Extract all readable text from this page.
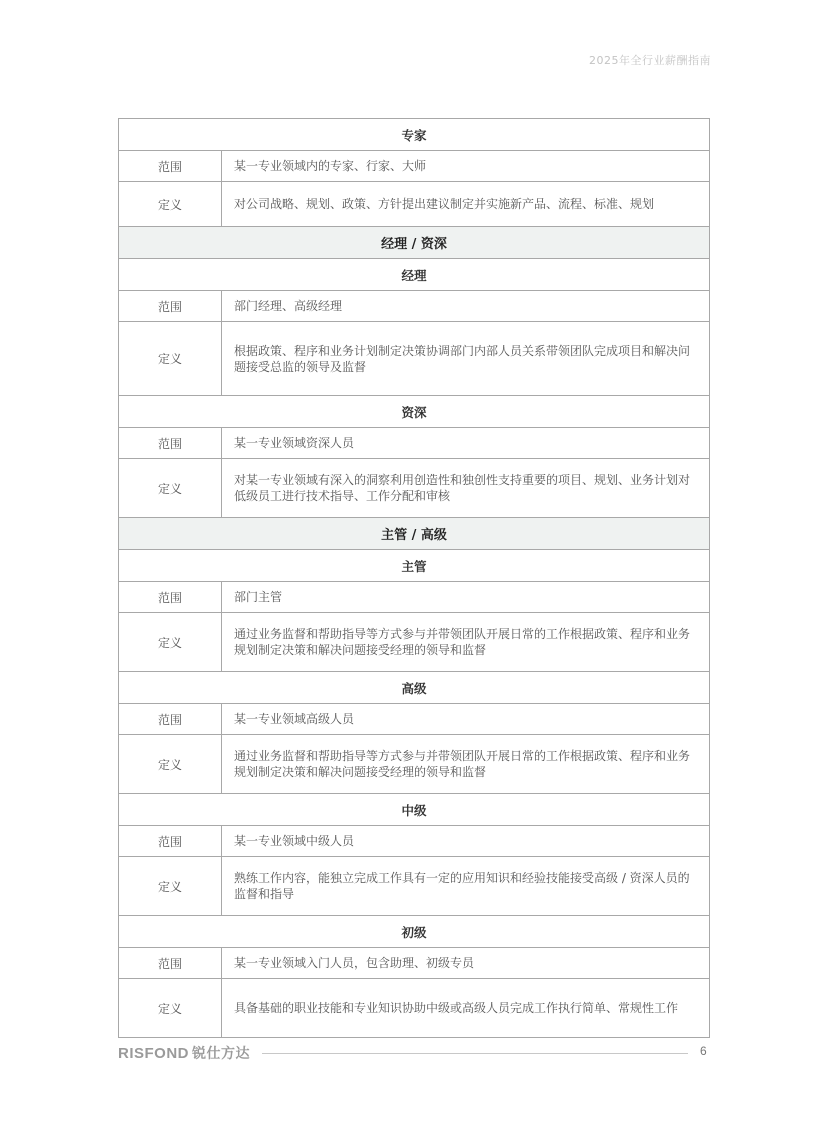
2025年全行业薪酬指南
专家	
范围	某一专业领域内的专家、行家、大师
定义	对公司战略、规划、政策、方针提出建议制定并实施新产品、流程、标准、规划
经理 / 资深	
经理	
范围	部门经理、高级经理
定义	根据政策、程序和业务计划制定决策协调部门内部人员关系带领团队完成项目和解决问题接受总监的领导及监督
资深	
范围	某一专业领域资深人员
定义	对某一专业领域有深入的洞察利用创造性和独创性支持重要的项目、规划、业务计划对低级员工进行技术指导、工作分配和审核
主管 / 高级	
主管	
范围	部门主管
定义	通过业务监督和帮助指导等方式参与并带领团队开展日常的工作根据政策、程序和业务规划制定决策和解决问题接受经理的领导和监督
高级	
范围	某一专业领域高级人员
定义	通过业务监督和帮助指导等方式参与并带领团队开展日常的工作根据政策、程序和业务规划制定决策和解决问题接受经理的领导和监督
中级	
范围	某一专业领域中级人员
定义	熟练工作内容，能独立完成工作具有一定的应用知识和经验技能接受高级 / 资深人员的监督和指导
初级	
范围	某一专业领域入门人员，包含助理、初级专员
定义	具备基础的职业技能和专业知识协助中级或高级人员完成工作执行简单、常规性工作
RISFOND 锐仕方达	6
